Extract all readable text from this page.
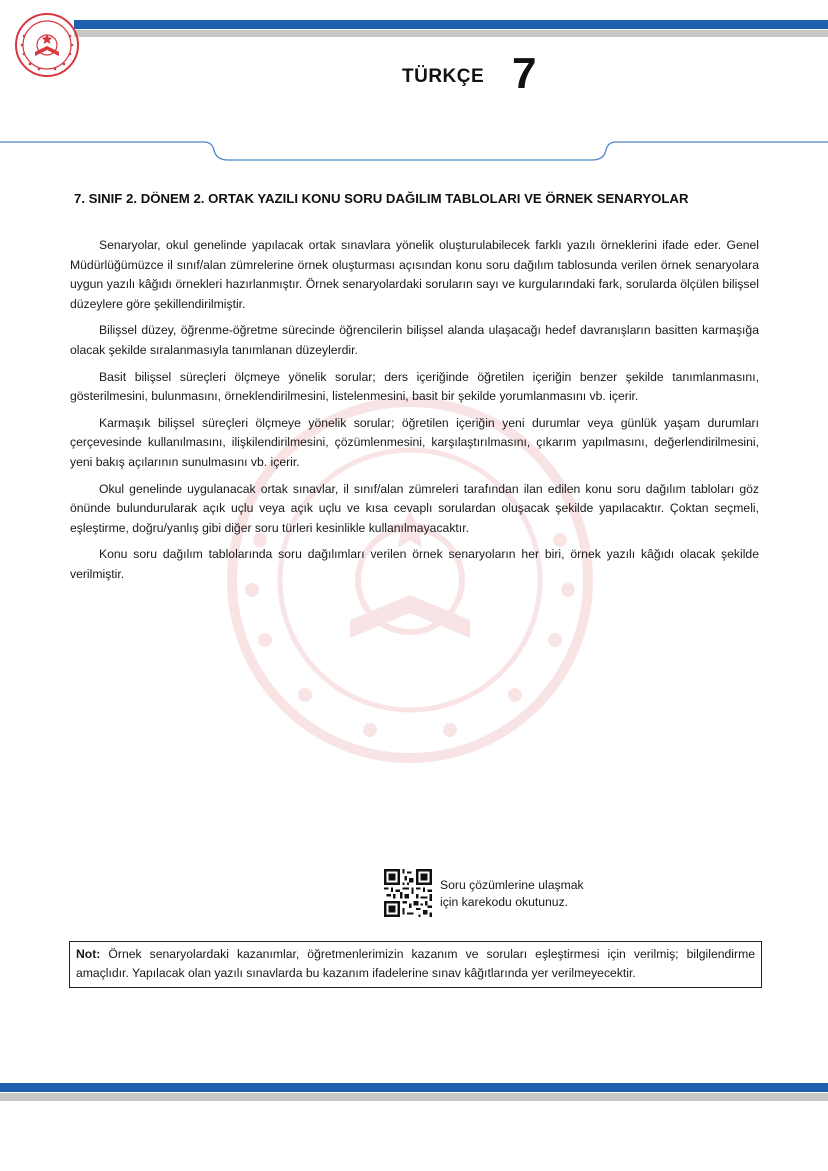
TÜRKÇE 7
7. SINIF 2. DÖNEM 2. ORTAK YAZILI KONU SORU DAĞILIM TABLOLARI VE ÖRNEK SENARYOLAR

Senaryolar, okul genelinde yapılacak ortak sınavlara yönelik oluşturulabilecek farklı yazılı örneklerini ifade eder. Genel Müdürlüğümüzce il sınıf/alan zümrelerine örnek oluşturması açısından konu soru dağılım tablosunda verilen örnek senaryolara uygun yazılı kâğıdı örnekleri hazırlanmıştır. Örnek senaryolardaki soruların sayı ve kurgularındaki fark, sorularda ölçülen bilişsel düzeylere göre şekillendirilmiştir.

Bilişsel düzey, öğrenme-öğretme sürecinde öğrencilerin bilişsel alanda ulaşacağı hedef davranışların basitten karmaşığa olacak şekilde sıralanmasıyla tanımlanan düzeylerdir.

Basit bilişsel süreçleri ölçmeye yönelik sorular; ders içeriğinde öğretilen içeriğin benzer şekilde tanımlanmasını, gösterilmesini, bulunmasını, örneklendirilmesini, listelenmesini, basit bir şekilde yorumlanmasını vb. içerir.

Karmaşık bilişsel süreçleri ölçmeye yönelik sorular; öğretilen içeriğin yeni durumlar veya günlük yaşam durumları çerçevesinde kullanılmasını, ilişkilendirilmesini, çözümlenmesini, karşılaştırılmasını, çıkarım yapılmasını, değerlendirilmesini, yeni bakış açılarının sunulmasını vb. içerir.

Okul genelinde uygulanacak ortak sınavlar, il sınıf/alan zümreleri tarafından ilan edilen konu soru dağılım tabloları göz önünde bulundurularak açık uçlu veya açık uçlu ve kısa cevaplı sorulardan oluşacak şekilde yapılacaktır. Çoktan seçmeli, eşleştirme, doğru/yanlış gibi diğer soru türleri kesinlikle kullanılmayacaktır.

Konu soru dağılım tablolarında soru dağılımları verilen örnek senaryoların her biri, örnek yazılı kâğıdı olacak şekilde verilmiştir.

Soru çözümlerine ulaşmak
için karekodu okutunuz.
Not: Örnek senaryolardaki kazanımlar, öğretmenlerimizin kazanım ve soruları eşleştirmesi için verilmiş; bilgilendirme amaçlıdır. Yapılacak olan yazılı sınavlarda bu kazanım ifadelerine sınav kâğıtlarında yer verilmeyecektir.
